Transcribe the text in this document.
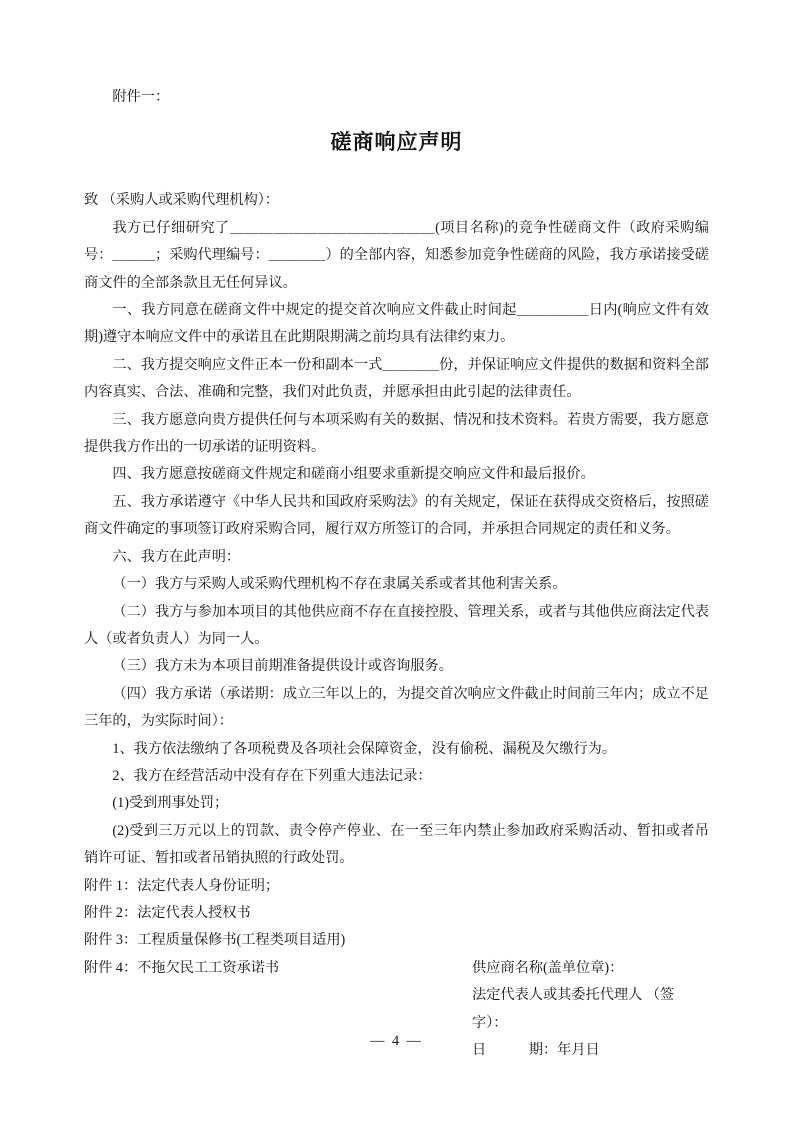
附件一：

磋商响应声明

致 （采购人或采购代理机构）：

我方已仔细研究了＿＿＿＿＿＿＿＿＿＿＿＿＿＿(项目名称)的竞争性磋商文件（政府采购编号：＿＿＿；采购代理编号：＿＿＿＿）的全部内容，知悉参加竞争性磋商的风险，我方承诺接受磋商文件的全部条款且无任何异议。

一、我方同意在磋商文件中规定的提交首次响应文件截止时间起＿＿＿＿＿日内(响应文件有效期)遵守本响应文件中的承诺且在此期限期满之前均具有法律约束力。

二、我方提交响应文件正本一份和副本一式＿＿＿＿份，并保证响应文件提供的数据和资料全部内容真实、合法、准确和完整，我们对此负责，并愿承担由此引起的法律责任。

三、我方愿意向贵方提供任何与本项采购有关的数据、情况和技术资料。若贵方需要，我方愿意提供我方作出的一切承诺的证明资料。

四、我方愿意按磋商文件规定和磋商小组要求重新提交响应文件和最后报价。

五、我方承诺遵守《中华人民共和国政府采购法》的有关规定，保证在获得成交资格后，按照磋商文件确定的事项签订政府采购合同，履行双方所签订的合同，并承担合同规定的责任和义务。

六、我方在此声明：

（一）我方与采购人或采购代理机构不存在隶属关系或者其他利害关系。

（二）我方与参加本项目的其他供应商不存在直接控股、管理关系，或者与其他供应商法定代表人（或者负责人）为同一人。

（三）我方未为本项目前期准备提供设计或咨询服务。

（四）我方承诺（承诺期：成立三年以上的，为提交首次响应文件截止时间前三年内；成立不足三年的，为实际时间）：

1、我方依法缴纳了各项税费及各项社会保障资金，没有偷税、漏税及欠缴行为。

2、我方在经营活动中没有存在下列重大违法记录：

(1)受到刑事处罚；

(2)受到三万元以上的罚款、责令停产停业、在一至三年内禁止参加政府采购活动、暂扣或者吊销许可证、暂扣或者吊销执照的行政处罚。

附件 1：法定代表人身份证明；

附件 2：法定代表人授权书

附件 3：工程质量保修书(工程类项目适用)

附件 4：不拖欠民工工资承诺书	供应商名称(盖单位章)：

法定代表人或其委托代理人 （签字）：

日　　　期：年月日

— 4 —
